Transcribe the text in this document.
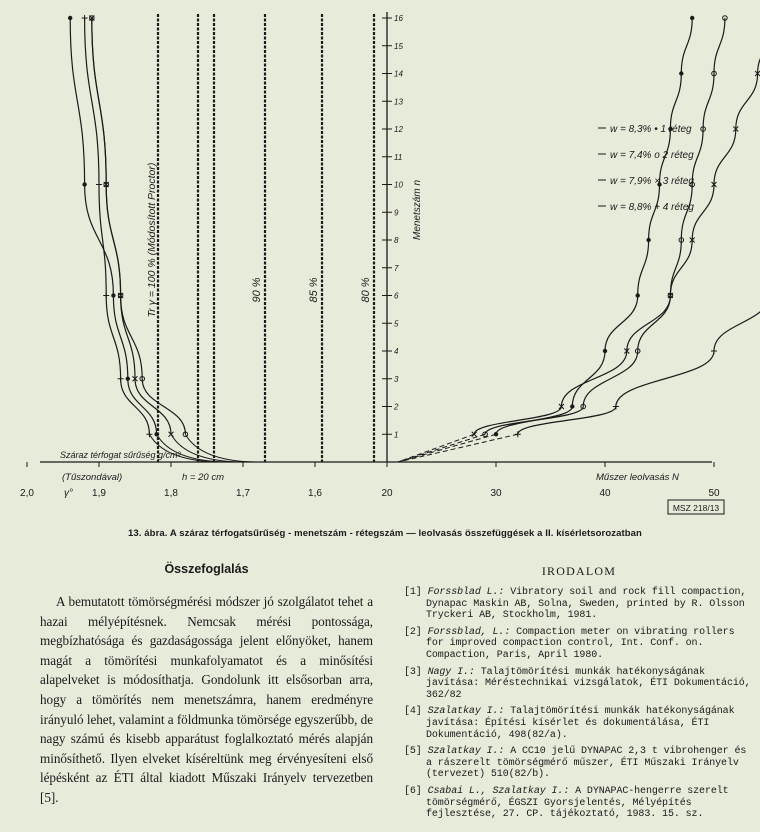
1
2
3
4
5
6
7
8
9
10
11
12
13
14
15
16
Menetszám n
90 %	85 %	80 %
Tr γ = 100 % (Módosított Proctor)
Száraz térfogat sűrűség g/cm³
(Tűszondával)	h = 20 cm
γ°
2,0	1,9	1,8	1,7	1,6	20	30	40	50
Műszer leolvasás N
MSZ 218/13
w = 8,3% • 1 réteg
w = 7,4% o 2 réteg
w = 7,9% × 3 réteg
w = 8,8% + 4 réteg
13. ábra. A száraz térfogatsűrűség - menetszám - rétegszám — leolvasás összefüggések a II. kísérletsorozatban
Összefoglalás

A bemutatott tömörségmérési módszer jó szolgálatot tehet a hazai mélyépítésnek. Nemcsak mérési pontossága, megbízhatósága és gazdaságossága jelent előnyöket, hanem magát a tömörítési munkafolyamatot és a minősítési alapelveket is módosíthatja. Gondolunk itt elsősorban arra, hogy a tömörítés nem menetszámra, hanem eredményre irányuló lehet, valamint a földmunka tömörsége egyszerűbb, de nagy számú és kisebb apparátust foglalkoztató mérés alapján minősíthető. Ilyen elveket kíséreltünk meg érvényesíteni első lépésként az ÉTI által kiadott Műszaki Irányelv tervezetben [5].

IRODALOM
[1] Forssblad L.: Vibratory soil and rock fill compaction, Dynapac Maskin AB, Solna, Sweden, printed by R. Olsson Tryckeri AB, Stockholm, 1981.
[2] Forssblad, L.: Compaction meter on vibrating rollers for improved compaction control, Int. Conf. on. Compaction, Paris, April 1980.
[3] Nagy I.: Talajtömörítési munkák hatékonyságának javítása: Méréstechnikai vizsgálatok, ÉTI Dokumentáció, 362/82
[4] Szalatkay I.: Talajtömörítési munkák hatékonyságának javítása: Építési kísérlet és dokumentálása, ÉTI Dokumentáció, 498(82/a).
[5] Szalatkay I.: A CC10 jelű DYNAPAC 2,3 t vibrohenger és a rászerelt tömörségmérő műszer, ÉTI Műszaki Irányelv (tervezet) 510(82/b).
[6] Csabai L., Szalatkay I.: A DYNAPAC-hengerre szerelt tömörségmérő, ÉGSZI Gyorsjelentés, Mélyépítés fejlesztése, 27. CP. tájékoztató, 1983. 15. sz.
